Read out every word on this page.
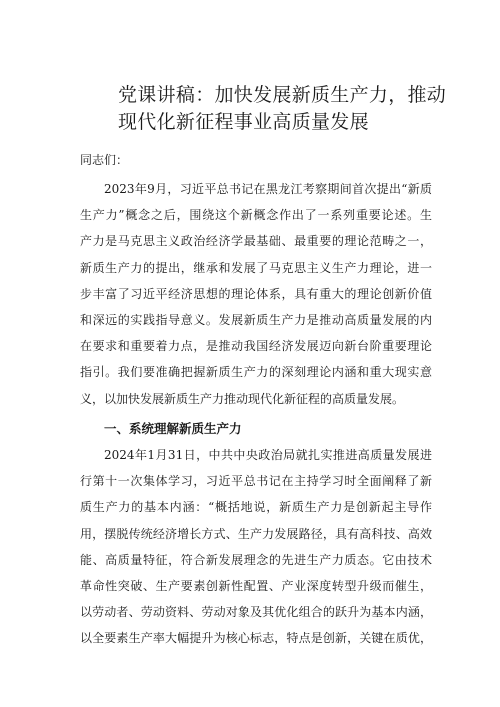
党课讲稿：加快发展新质生产力，推动
现代化新征程事业高质量发展

同志们：

2023年9月，习近平总书记在黑龙江考察期间首次提出“新质
生产力”概念之后，围绕这个新概念作出了一系列重要论述。生
产力是马克思主义政治经济学最基础、最重要的理论范畴之一，
新质生产力的提出，继承和发展了马克思主义生产力理论，进一
步丰富了习近平经济思想的理论体系，具有重大的理论创新价值
和深远的实践指导意义。发展新质生产力是推动高质量发展的内
在要求和重要着力点，是推动我国经济发展迈向新台阶重要理论
指引。我们要准确把握新质生产力的深刻理论内涵和重大现实意
义，以加快发展新质生产力推动现代化新征程的高质量发展。
一、系统理解新质生产力
2024年1月31日，中共中央政治局就扎实推进高质量发展进
行第十一次集体学习，习近平总书记在主持学习时全面阐释了新
质生产力的基本内涵：“概括地说，新质生产力是创新起主导作
用，摆脱传统经济增长方式、生产力发展路径，具有高科技、高效
能、高质量特征，符合新发展理念的先进生产力质态。它由技术
革命性突破、生产要素创新性配置、产业深度转型升级而催生，
以劳动者、劳动资料、劳动对象及其优化组合的跃升为基本内涵，
以全要素生产率大幅提升为核心标志，特点是创新，关键在质优，
